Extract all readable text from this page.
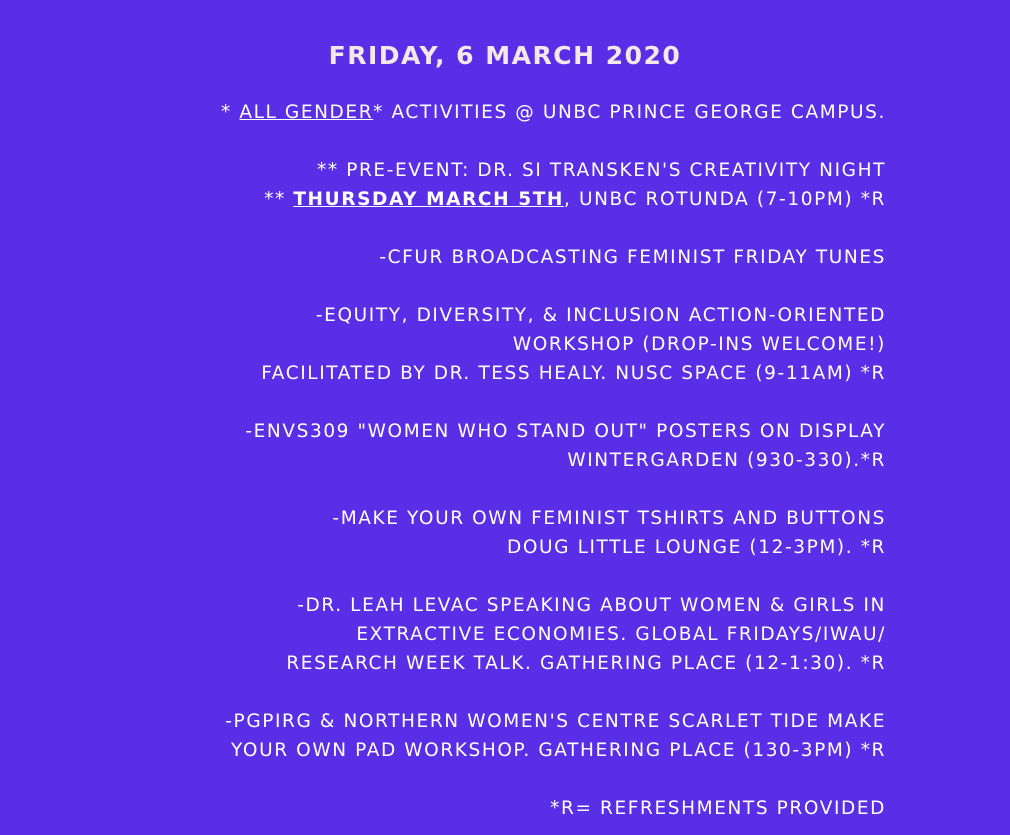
FRIDAY, 6 MARCH 2020
* ALL GENDER* ACTIVITIES @ UNBC PRINCE GEORGE CAMPUS.
** PRE-EVENT: DR. SI TRANSKEN'S CREATIVITY NIGHT
** THURSDAY MARCH 5TH, UNBC ROTUNDA (7-10PM) *R
-CFUR BROADCASTING FEMINIST FRIDAY TUNES
-EQUITY, DIVERSITY, & INCLUSION ACTION-ORIENTED
WORKSHOP (DROP-INS WELCOME!)
FACILITATED BY DR. TESS HEALY. NUSC SPACE (9-11AM) *R
-ENVS309 "WOMEN WHO STAND OUT" POSTERS ON DISPLAY
WINTERGARDEN (930-330).*R
-MAKE YOUR OWN FEMINIST TSHIRTS AND BUTTONS
DOUG LITTLE LOUNGE (12-3PM). *R
-DR. LEAH LEVAC SPEAKING ABOUT WOMEN & GIRLS IN
EXTRACTIVE ECONOMIES. GLOBAL FRIDAYS/IWAU/
RESEARCH WEEK TALK. GATHERING PLACE (12-1:30). *R
-PGPIRG & NORTHERN WOMEN'S CENTRE SCARLET TIDE MAKE
YOUR OWN PAD WORKSHOP. GATHERING PLACE (130-3PM) *R
*R= REFRESHMENTS PROVIDED
